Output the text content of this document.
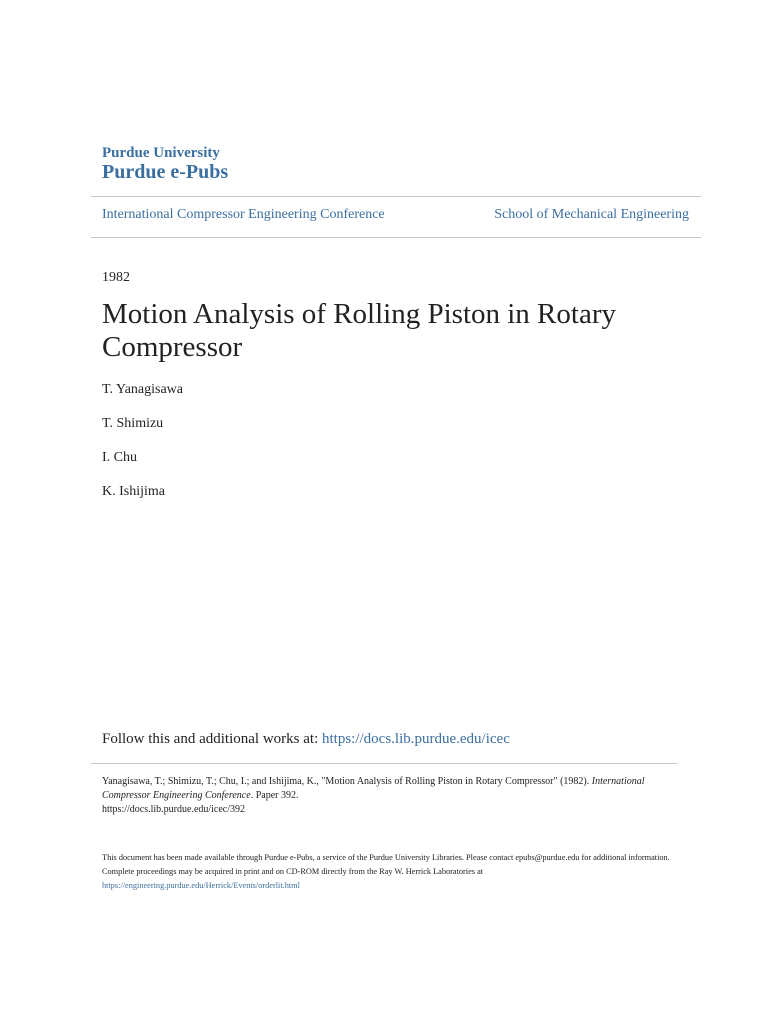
Purdue University
Purdue e-Pubs
International Compressor Engineering Conference	School of Mechanical Engineering
1982
Motion Analysis of Rolling Piston in Rotary Compressor
T. Yanagisawa
T. Shimizu
I. Chu
K. Ishijima
Follow this and additional works at: https://docs.lib.purdue.edu/icec
Yanagisawa, T.; Shimizu, T.; Chu, I.; and Ishijima, K., "Motion Analysis of Rolling Piston in Rotary Compressor" (1982). International Compressor Engineering Conference. Paper 392.
https://docs.lib.purdue.edu/icec/392
This document has been made available through Purdue e-Pubs, a service of the Purdue University Libraries. Please contact epubs@purdue.edu for additional information.
Complete proceedings may be acquired in print and on CD-ROM directly from the Ray W. Herrick Laboratories at https://engineering.purdue.edu/Herrick/Events/orderlit.html
